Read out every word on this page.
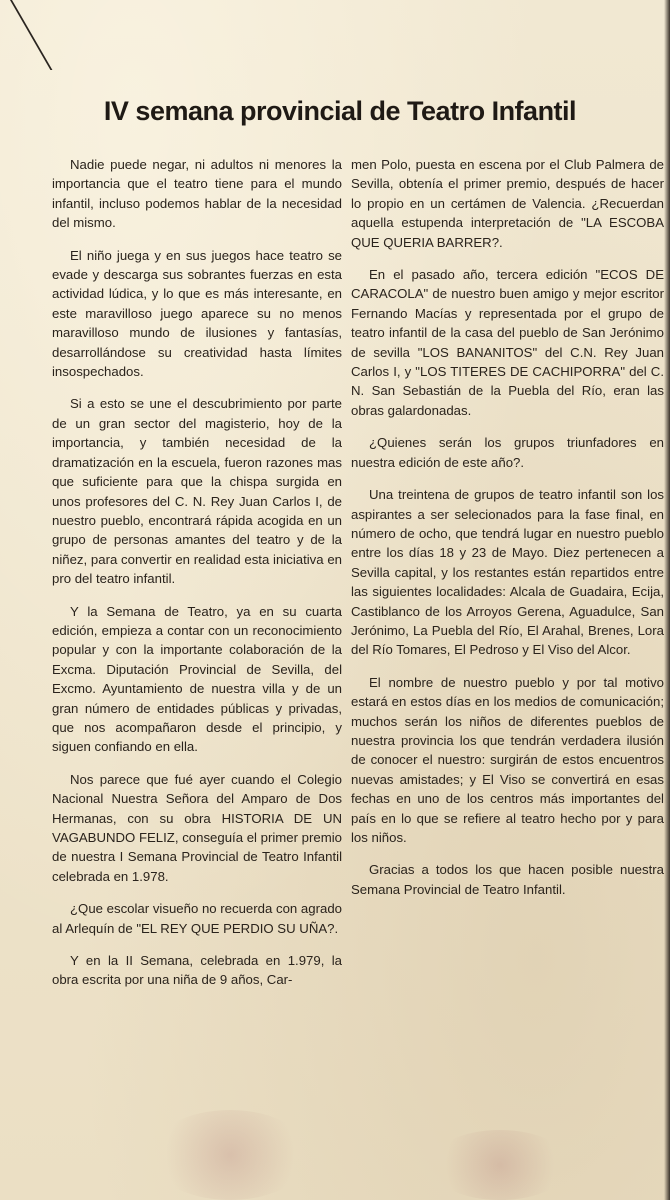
IV semana provincial de Teatro Infantil

Nadie puede negar, ni adultos ni menores la importancia que el teatro tiene para el mundo infantil, incluso podemos hablar de la necesidad del mismo.

El niño juega y en sus juegos hace teatro se evade y descarga sus sobrantes fuerzas en esta actividad lúdica, y lo que es más interesante, en este maravilloso juego aparece su no menos maravilloso mundo de ilusiones y fantasías, desarrollándose su creatividad hasta límites insospechados.

Si a esto se une el descubrimiento por parte de un gran sector del magisterio, hoy de la importancia, y también necesidad de la dramatización en la escuela, fueron razones mas que suficiente para que la chispa surgida en unos profesores del C. N. Rey Juan Carlos I, de nuestro pueblo, encontrará rápida acogida en un grupo de personas amantes del teatro y de la niñez, para convertir en realidad esta iniciativa en pro del teatro infantil.

Y la Semana de Teatro, ya en su cuarta edición, empieza a contar con un reconocimiento popular y con la importante colaboración de la Excma. Diputación Provincial de Sevilla, del Excmo. Ayuntamiento de nuestra villa y de un gran número de entidades públicas y privadas, que nos acompañaron desde el principio, y siguen confiando en ella.

Nos parece que fué ayer cuando el Colegio Nacional Nuestra Señora del Amparo de Dos Hermanas, con su obra HISTORIA DE UN VAGABUNDO FELIZ, conseguía el primer premio de nuestra I Semana Provincial de Teatro Infantil celebrada en 1.978.

¿Que escolar visueño no recuerda con agrado al Arlequín de "EL REY QUE PERDIO SU UÑA?.

Y en la II Semana, celebrada en 1.979, la obra escrita por una niña de 9 años, Car-

men Polo, puesta en escena por el Club Palmera de Sevilla, obtenía el primer premio, después de hacer lo propio en un certámen de Valencia. ¿Recuerdan aquella estupenda interpretación de "LA ESCOBA QUE QUERIA BARRER?.

En el pasado año, tercera edición "ECOS DE CARACOLA" de nuestro buen amigo y mejor escritor Fernando Macías y representada por el grupo de teatro infantil de la casa del pueblo de San Jerónimo de sevilla "LOS BANANITOS" del C.N. Rey Juan Carlos I, y "LOS TITERES DE CACHIPORRA" del C. N. San Sebastián de la Puebla del Río, eran las obras galardonadas.

¿Quienes serán los grupos triunfadores en nuestra edición de este año?.

Una treintena de grupos de teatro infantil son los aspirantes a ser selecionados para la fase final, en número de ocho, que tendrá lugar en nuestro pueblo entre los días 18 y 23 de Mayo. Diez pertenecen a Sevilla capital, y los restantes están repartidos entre las siguientes localidades: Alcala de Guadaira, Ecija, Castiblanco de los Arroyos Gerena, Aguadulce, San Jerónimo, La Puebla del Río, El Arahal, Brenes, Lora del Río Tomares, El Pedroso y El Viso del Alcor.

El nombre de nuestro pueblo y por tal motivo estará en estos días en los medios de comunicación; muchos serán los niños de diferentes pueblos de nuestra provincia los que tendrán verdadera ilusión de conocer el nuestro: surgirán de estos encuentros nuevas amistades; y El Viso se convertirá en esas fechas en uno de los centros más importantes del país en lo que se refiere al teatro hecho por y para los niños.

Gracias a todos los que hacen posible nuestra Semana Provincial de Teatro Infantil.
